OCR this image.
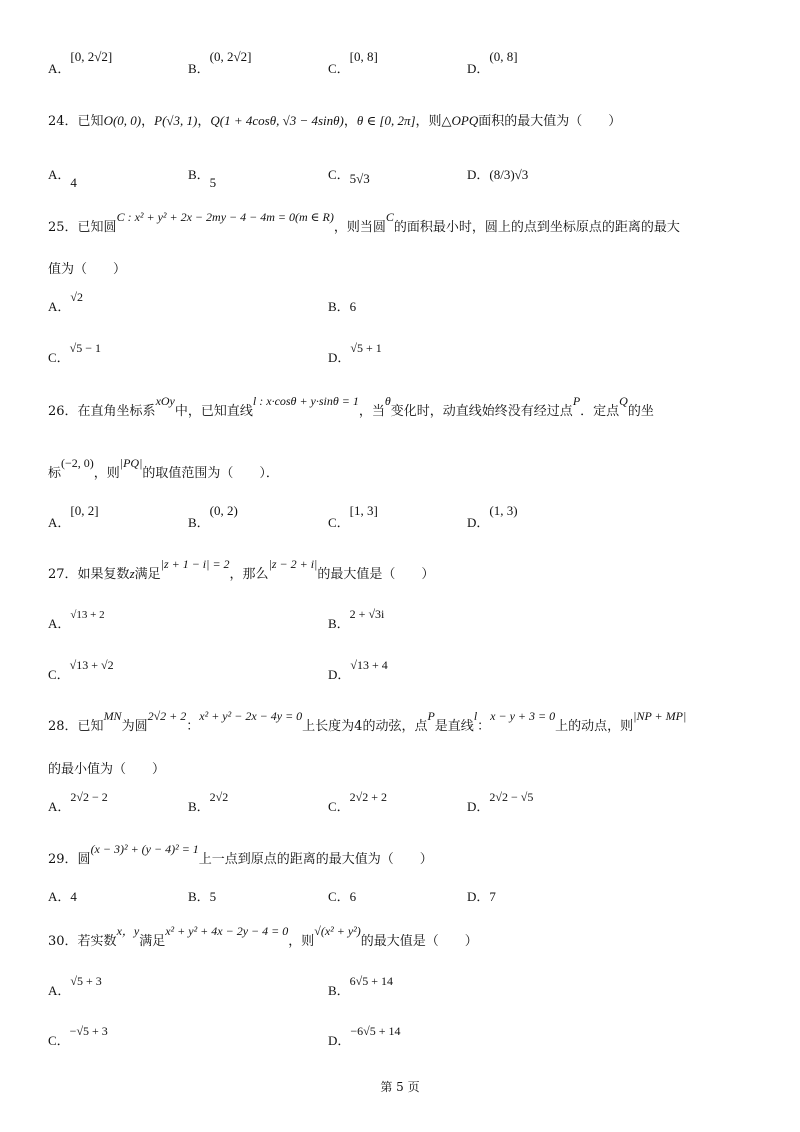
A．[0, 2√2]
B．(0, 2√2]
C．[0, 8]
D．(0, 8]
24．已知O(0, 0)，P(√3, 1)，Q(1 + 4cosθ, √3 − 4sinθ)，θ ∈ [0, 2π]，则△OPQ面积的最大值为（　　）
A．4
B．5
C．5√3	D．(8/3)√3
25．已知圆C : x² + y² + 2x − 2my − 4 − 4m = 0(m ∈ R)，则当圆C的面积最小时，圆上的点到坐标原点的距离的最大
值为（　　）
A．√2
B．6
C．√5 − 1
D．√5 + 1
26．在直角坐标系xOy中，已知直线l : x·cosθ + y·sinθ = 1，当θ变化时，动直线始终没有经过点P．定点Q的坐
标(−2, 0)，则|PQ|的取值范围为（　　）．
A．[0, 2]
B．(0, 2)
C．[1, 3]
D．(1, 3)
27．如果复数z满足|z + 1 − i| = 2，那么|z − 2 + i|的最大值是（　　）
A．$^{√13 + 2}$
B．2 + √3i
C．√13 + √2
D．√13 + 4
28．已知MN为圆2√2 + 2：x² + y² − 2x − 4y = 0上长度为4的动弦，点P是直线l：x − y + 3 = 0上的动点，则|NP + MP|
的最小值为（　　）
A．2√2 − 2
B．2√2
C．2√2 + 2
D．2√2 − √5
29．圆(x − 3)² + (y − 4)² = 1上一点到原点的距离的最大值为（　　）
A．4	B．5	C．6	D．7
30．若实数x，y满足x² + y² + 4x − 2y − 4 = 0，则√(x² + y²)的最大值是（　　）
A．√5 + 3
B．6√5 + 14
C．−√5 + 3
D．−6√5 + 14
第 5 页
